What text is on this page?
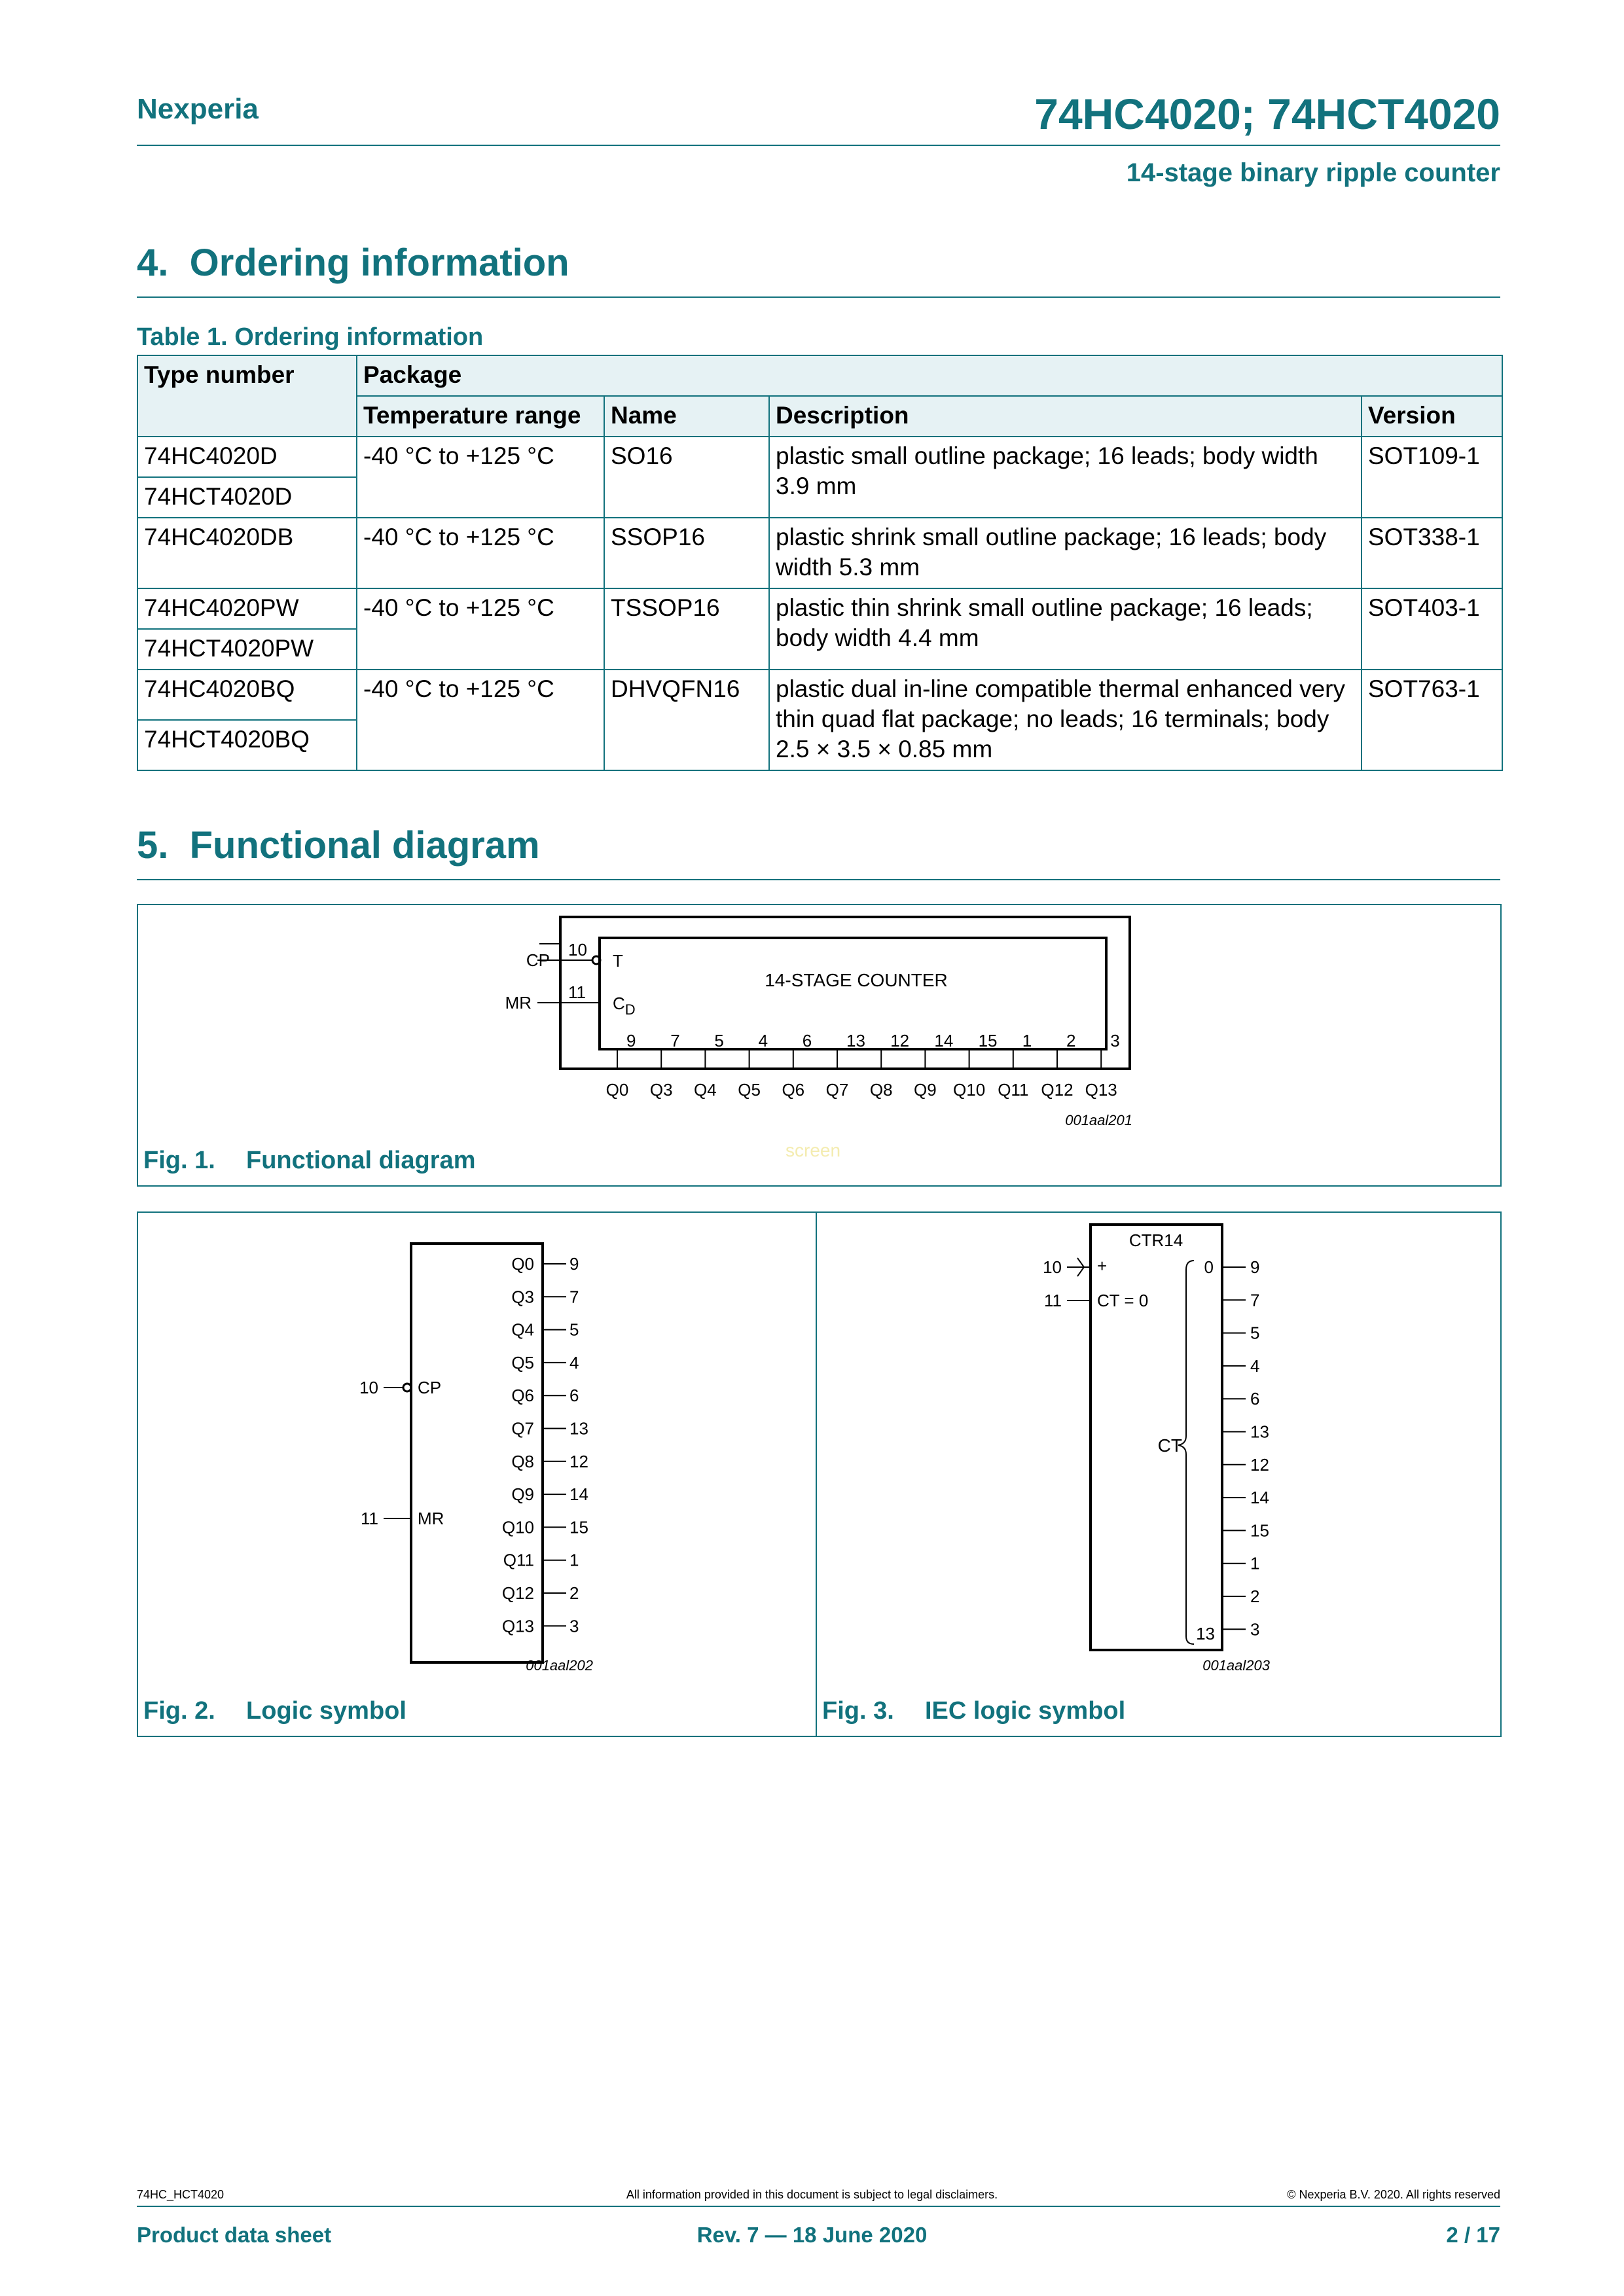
Nexperia	74HC4020; 74HCT4020
14-stage binary ripple counter
4. Ordering information
Table 1. Ordering information
Type number	Package			
	Temperature range	Name	Description	Version
74HC4020D	-40 °C to +125 °C	SO16	plastic small outline package; 16 leads; body width 3.9 mm	SOT109-1
74HCT4020D				
74HC4020DB	-40 °C to +125 °C	SSOP16	plastic shrink small outline package; 16 leads; body width 5.3 mm	SOT338-1
74HC4020PW	-40 °C to +125 °C	TSSOP16	plastic thin shrink small outline package; 16 leads; body width 4.4 mm	SOT403-1
74HCT4020PW				
74HC4020BQ	-40 °C to +125 °C	DHVQFN16	plastic dual in-line compatible thermal enhanced very thin quad flat package; no leads; 16 terminals; body 2.5 × 3.5 × 0.85 mm	SOT763-1
74HCT4020BQ				
5. Functional diagram
CP
MR
10
11
T
$C_D$
14-STAGE COUNTER
9
Q0
7
Q3
5
Q4
4
Q5
6
Q6
13
Q7
12
Q8
14
Q9
15
Q10
1
Q11
2
Q12
3
Q13
001aal201
screen
Fig. 1. Functional diagram
10 CP
11 MR
Q0 9
Q3 7
Q4 5
Q5 4
Q6 6
Q7 13
Q8 12
Q9 14
Q10 15
Q11 1
Q12 2
Q13 3
001aal202
Fig. 2. Logic symbol
CTR14
10 +
11 CT = 0
CT
0
13
9
7
5
4
6
13
12
14
15
1
2
3
001aal203
Fig. 3. IEC logic symbol
74HC_HCT4020	All information provided in this document is subject to legal disclaimers.	© Nexperia B.V. 2020. All rights reserved
Product data sheet	Rev. 7 — 18 June 2020	2 / 17
